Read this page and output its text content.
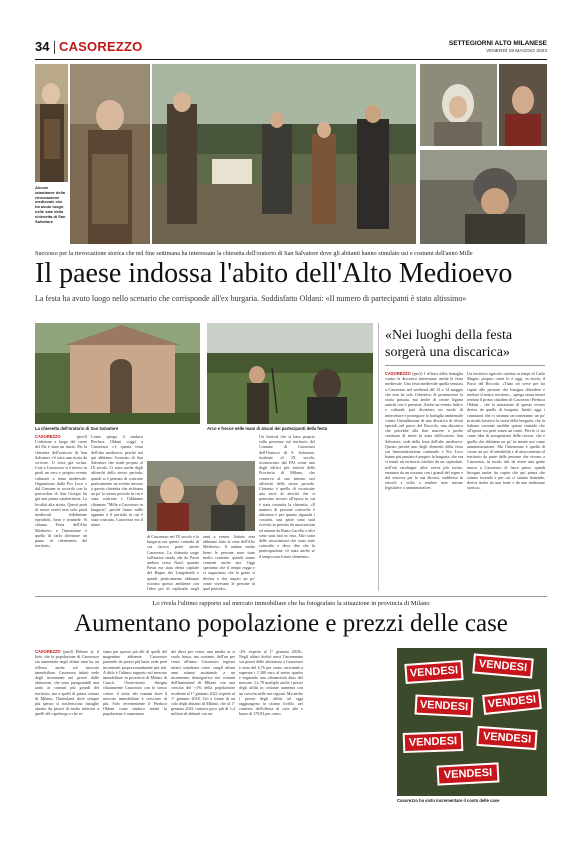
34 CASOREZZO	SETTEGIORNI ALTO MILANESE
VENERDÌ 19 MAGGIO 2023
Alcune istantanee della rievocazione medievale che ha avuto luogo nelle sale della chiesetta di San Salvatore
Successo per la rievocazione storica che nel fine settimana ha interessato la chiesetta dell'oratorio di San Salvatore dove gli abitanti hanno simulato usi e costumi dell'anno Mille
Il paese indossa l'abito dell'Alto Medioevo
La festa ha avuto luogo nello scenario che corrisponde all'ex burgaria. Soddisfatto Oldani: «Il numero di partecipanti è stato altissimo»
La chiesetta dell'oratorio di San Salvatore	Arco e frecce nelle mani di alcuni dei partecipanti della festa
CASOREZZO	(pzs3) L'edizione a luogo del cuore del Fai è stato un inizio. Per la chiesetta dell'oratorio di San Salvatore c'è tutta una storia da scrivere. O forse già scritta. Così a Casorezzo si è messo in piedi un vero e proprio evento culturale a tema medievale. Organizzato dalla Pro Loco e dal Comune in accordo con la parrocchia di San Giorgio ha già una prima caratteristica. La località alta storia. Questi prati di nostri vestiti non solo piatti medievali fedelmente riprodotti, birra e rimmele. Si chiama Festa dell'Alto Medioevo e l'intenzione è quella di farla diventare un punto di riferimento del territorio.
Come spiega il sindaco Pierluca Oldani «oggi a Casorezzo c'è questa festa dell'alto medioevo, perché noi qui abbiamo l'oratorio di San Salvatore che risale proprio al IX secolo. Ci sono anche degli affreschi dello stesso periodo, quindi si è pensato di costruire praticamente un evento intorno a questa chiesetta che richiama un po' lo stesso periodo in cui è stata costruita e l'abbiamo chiamato "Mille a Casorezzo in burgaria", perché l'anno mille appunto è il periodo in cui è stata costruita, Casorezzo era il nome
di Casorezzo nel IX secolo e la burgaria era questo contado di cui faceva parte anche Casorezzo. La chiesetta sorge sull'antica strada che da Pavia andava verso Nord, quando Pavia era stata eletta capitale del Regno dei Longobardi e quindi praticamente abbiamo ricreato questo ambiente con l'idea poi di replicarlo negli anni a venire. Sabato sera abbiamo fatto la cena dell'Alto Medioevo. Il andata molto bene: le persone sono state molto contente, quindi siamo contenti anche noi. Oggi speriamo che il tempo regga e ci auguriamo che la gente si diverta e che impari un po' come vivevano le persone in quel periodo».
Un festival che si basa proprio sulla presenza sul territorio del Comune di Casorezzo dell'Oratorio di S. Salvatore, risalente al IX secolo, riconosciuto dal FAI come uno degli edifici più antichi della Provincia di Milano, che conserva al suo interno rari affreschi dello stesso periodo. L'intento è quello di ricostruire una serie di attività che si potevano trovare all'epoca in cui è stata costruita la chiesetta. «Il numero di persone coinvolte è altissimo e per quanto riguarda i costumi, una parte sono stati ricevuti in prestito da associazioni ed amanti da Busto Garolfo o altri sono stati fatti in casa. Altri sono delle associazioni che sono state coinvolte e devo dire che la partecipazione c'è stata anche se il tempo non è stato clemente».
«Nei luoghi della festa sorgerà una discarica»
CASOREZZO (pzs3) I riflessi della battaglia contro la discarica interessano anche la festa medievale. Una festa medievale quella tenutasi a Casorezzo nel weekend del 13 e 14 maggio che non ha solo l'obiettivo di promuovere la storia passata, ma anche di creare legami antichi con il presente. Anche un evento ludico e culturale può diventare un modo di intercettare e proseguire la battaglia ambientale contro l'installazione di una discarica di rifiuti speciali nel parco del Roccolo, una discarica che potrebbe alla fine nascere a poche centinaia di metri la zona dell'oratorio San Salvatore, sede della festa dell'alto medioevo. Questo perché uno degli elementi della festa sui Amministrazione comunale e Pro Loco hanno più puntato è proprio la burgaria, che era si tenuti un territorio tutelato da un capitolare, nell'età carolingia: altre aveva più scritto, emanato da un sovrano con i grandi del regno e dal vescovo per la sua diocesi, suddiviso in articoli e volto a rendere note misure legislative o amministrative.
Un territorio agricolo tutelato ai tempi di Carlo Magno, proprio come lo è oggi, in teoria, il Parco del Roccolo. «Tutto ciò serve per far capire alle persone che bisogna difendere e tutelare il nostro territorio – spiega senza mezzi termini il primo cittadino di Casorezzo Pierluca Oldani – che la narrazione di questo evento deriva da quello di burgaria. Infatti oggi i cantautori che ci saranno racconteranno un po' in modo farsesco la storia della burgaria, che in italiano corrente sarebbe questo contado che all'epoca era però senza un conte. Perciò ci sta come idea di autogestione delle risorse, che è quella che abbiamo un po' in mente noi come amministrazione. Ma l'intenzione è quella di creare un po' di sensibilità e di attaccamento al territorio da parte delle persone che vivono a Casorezzo, in modo tale da avere una gente nuova a Casorezzo di fasce paese, quindi bisogna anche far capire che qui prima che stiamo facendo e per cui ci stiamo battendo, deriva anche da una fonte e da una tradizione storica».
Lo rivela l'ultimo rapporto sul mercato immobiliare che ha fotografato la situazione in provincia di Milano
Aumentano popolazione e prezzi delle case
CASOREZZO (pzs3) Ebbene sì, il lieto che la popolazione di Casorezzo sia aumentata negli ultimi anni ha un riflesso anche sul mercato immobiliare. Casorezzo infatti vede degli incrementi nei prezzi delle abitazioni, che sono paragonabili non tanto ai comuni più grandi del territorio, ma a quelli di prima cintura di Milano, l'hinterland dove sempre più spesso si trasferiscono famiglie attratte da prezzi di molto inferiori a quelli del capoluogo e che re-
stano per questo più alti di quelli del magentino abbiente. Casorezzo partendo da prezzi più bassi vede però incrementi proporzionalmente più alti. A dirlo è l'ultimo rapporto sul mercato immobiliare in provincia di Milano di Casa.it. Osservatorio disegna chiaramente Casorezzo con lo stesso colore, il viola, dei comuni dove il mercato immobiliare è cresciuto di più. Solo recentemente il Pierluca Oldani come sindaco infatti la popolazione è aumentata
dei dieci per cento, una media se si vuole bassa, ma costante, dell'un per cento all'anno. Casorezzo registra infatti sottolinea come «negli ultimi anni stiamo assistendo a un incremento demografico nei comuni dell'hinterland di Milano con una crescita del +1% della popolazione residente al 1° gennaio 2022 rispetto al 1° gennaio 2018. Ciò a fronte di un calo degli abitanti di Milano, che al 1° gennaio 2022 contava poco più di 1,4 milioni di abitanti con un
-2% rispetto al 1° gennaio 2018». Negli ultimi dodici mesi l'incremento sui prezzi delle abitazioni a Casorezzo è stato del 6,76 per cento, arrivando a superare i 1.300 euro al metro quadro e segnando una «dinamicità alta» del mercato. Le 78 multipla anche i prezzi degli affitti in costante aumento con un crescita nelle sue regioni. Ma anche i prezzi degli affitti ad oggi raggiungono in ottimo livello, nel contesto dell'offerta di case alte e basse di 179,83 per cento.
VENDESI	VENDESI
VENDESI	VENDESI
VENDESI	VENDESI
VENDESI
Casorezzo ha visto incrementare il costo delle case
